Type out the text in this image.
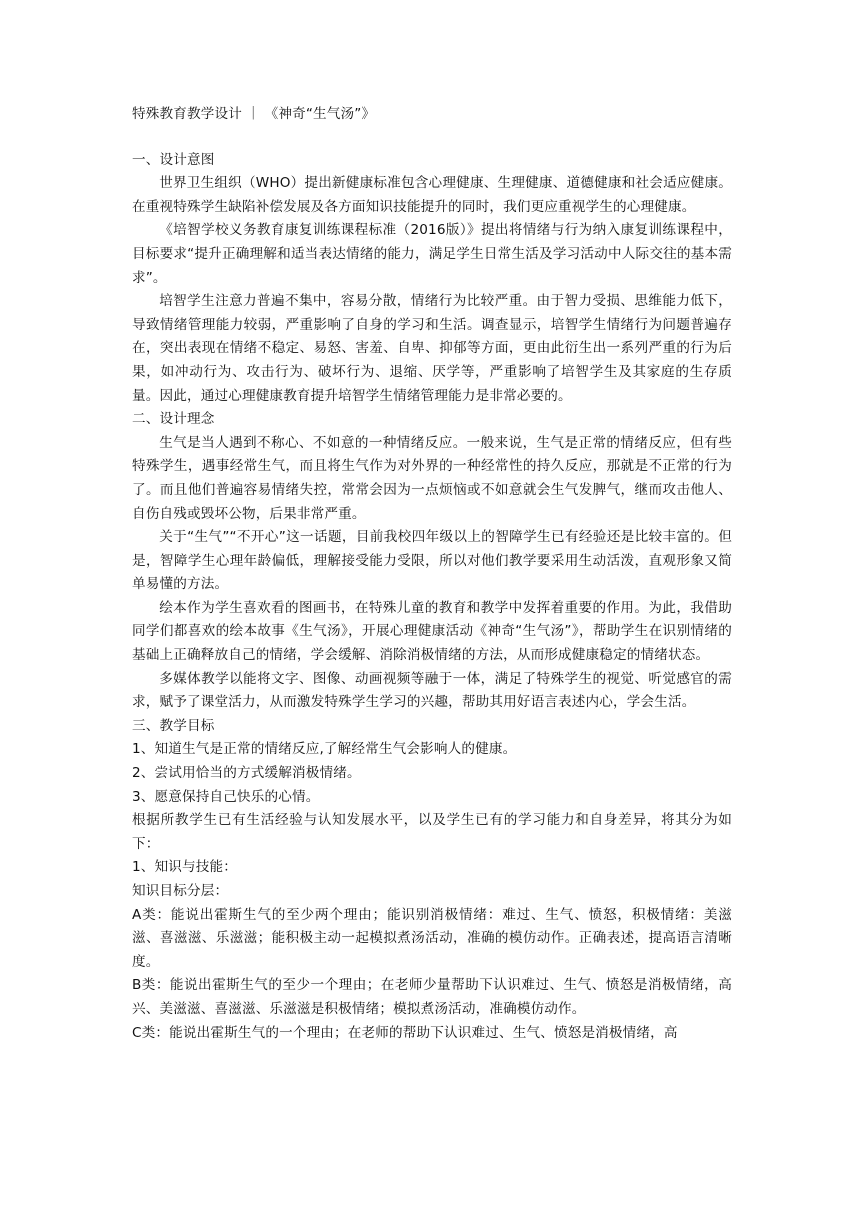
特殊教育教学设计 ｜ 《神奇“生气汤”》
一、设计意图

世界卫生组织（WHO）提出新健康标准包含心理健康、生理健康、道德健康和社会适应健康。在重视特殊学生缺陷补偿发展及各方面知识技能提升的同时，我们更应重视学生的心理健康。

《培智学校义务教育康复训练课程标准（2016版）》提出将情绪与行为纳入康复训练课程中，目标要求“提升正确理解和适当表达情绪的能力，满足学生日常生活及学习活动中人际交往的基本需求”。

培智学生注意力普遍不集中，容易分散，情绪行为比较严重。由于智力受损、思维能力低下，导致情绪管理能力较弱，严重影响了自身的学习和生活。调查显示，培智学生情绪行为问题普遍存在，突出表现在情绪不稳定、易怒、害羞、自卑、抑郁等方面，更由此衍生出一系列严重的行为后果，如冲动行为、攻击行为、破坏行为、退缩、厌学等，严重影响了培智学生及其家庭的生存质量。因此，通过心理健康教育提升培智学生情绪管理能力是非常必要的。

二、设计理念

生气是当人遇到不称心、不如意的一种情绪反应。一般来说，生气是正常的情绪反应，但有些特殊学生，遇事经常生气，而且将生气作为对外界的一种经常性的持久反应，那就是不正常的行为了。而且他们普遍容易情绪失控，常常会因为一点烦恼或不如意就会生气发脾气，继而攻击他人、自伤自残或毁坏公物，后果非常严重。

关于“生气”“不开心”这一话题，目前我校四年级以上的智障学生已有经验还是比较丰富的。但是，智障学生心理年龄偏低，理解接受能力受限，所以对他们教学要采用生动活泼，直观形象又简单易懂的方法。

绘本作为学生喜欢看的图画书，在特殊儿童的教育和教学中发挥着重要的作用。为此，我借助同学们都喜欢的绘本故事《生气汤》，开展心理健康活动《神奇“生气汤”》，帮助学生在识别情绪的基础上正确释放自己的情绪，学会缓解、消除消极情绪的方法，从而形成健康稳定的情绪状态。

多媒体教学以能将文字、图像、动画视频等融于一体，满足了特殊学生的视觉、听觉感官的需求，赋予了课堂活力，从而激发特殊学生学习的兴趣，帮助其用好语言表述内心，学会生活。

三、教学目标

1、知道生气是正常的情绪反应,了解经常生气会影响人的健康。

2、尝试用恰当的方式缓解消极情绪。

3、愿意保持自己快乐的心情。

根据所教学生已有生活经验与认知发展水平，以及学生已有的学习能力和自身差异，将其分为如下：

1、知识与技能：

知识目标分层：

A类：能说出霍斯生气的至少两个理由；能识别消极情绪：难过、生气、愤怒，积极情绪：美滋滋、喜滋滋、乐滋滋；能积极主动一起模拟煮汤活动，准确的模仿动作。正确表述，提高语言清晰度。

B类：能说出霍斯生气的至少一个理由；在老师少量帮助下认识难过、生气、愤怒是消极情绪，高兴、美滋滋、喜滋滋、乐滋滋是积极情绪；模拟煮汤活动，准确模仿动作。

C类：能说出霍斯生气的一个理由；在老师的帮助下认识难过、生气、愤怒是消极情绪，高
